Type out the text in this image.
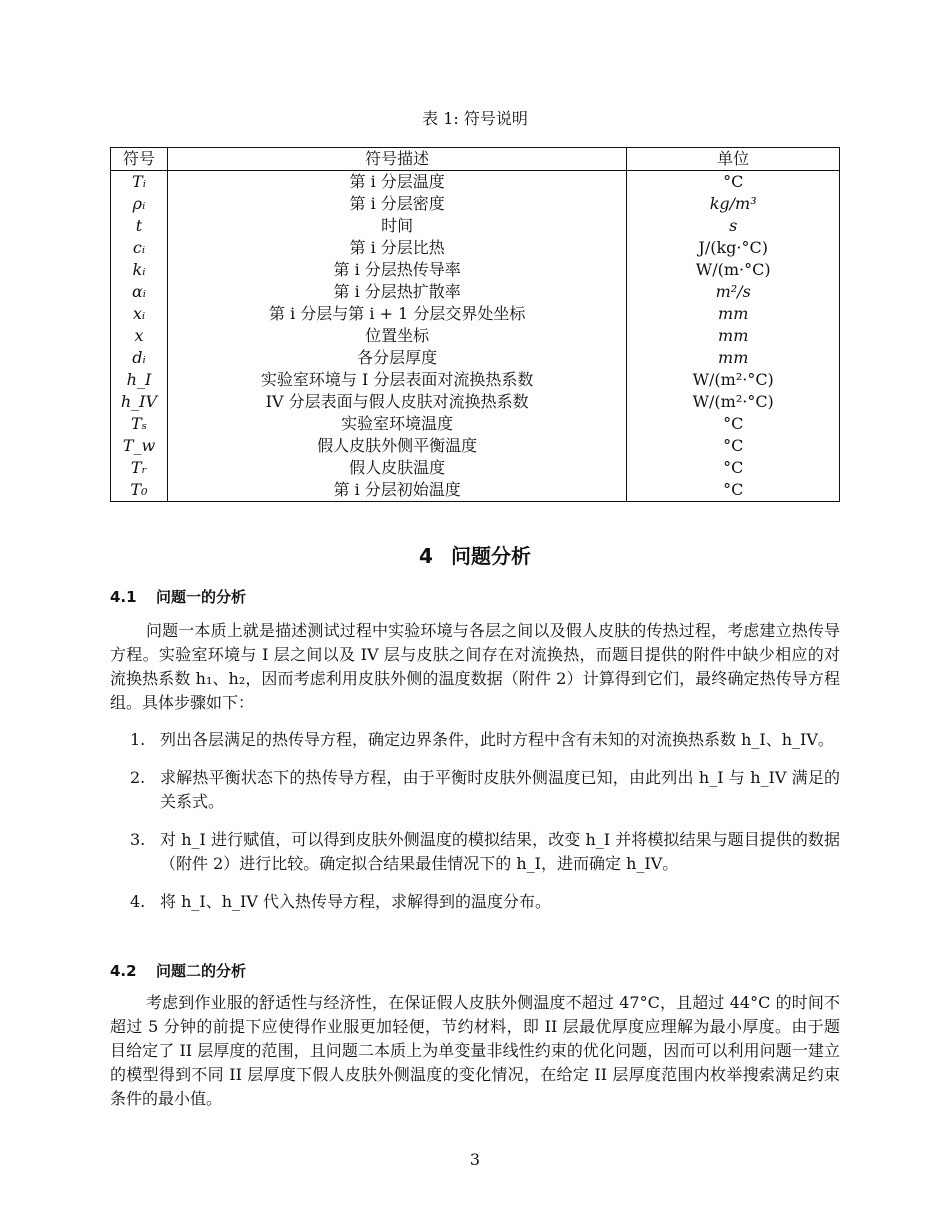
表 1: 符号说明
符号	符号描述	单位
Tᵢ	第 i 分层温度	°C
ρᵢ	第 i 分层密度	kg/m³
t	时间	s
cᵢ	第 i 分层比热	J/(kg·°C)
kᵢ	第 i 分层热传导率	W/(m·°C)
αᵢ	第 i 分层热扩散率	m²/s
xᵢ	第 i 分层与第 i + 1 分层交界处坐标	mm
x	位置坐标	mm
dᵢ	各分层厚度	mm
h_I	实验室环境与 I 分层表面对流换热系数	W/(m²·°C)
h_IV	IV 分层表面与假人皮肤对流换热系数	W/(m²·°C)
Tₛ	实验室环境温度	°C
T_w	假人皮肤外侧平衡温度	°C
Tᵣ	假人皮肤温度	°C
T₀	第 i 分层初始温度	°C
4 问题分析
4.1 问题一的分析
问题一本质上就是描述测试过程中实验环境与各层之间以及假人皮肤的传热过程，考虑建立热传导方程。实验室环境与 I 层之间以及 IV 层与皮肤之间存在对流换热，而题目提供的附件中缺少相应的对流换热系数 h₁、h₂，因而考虑利用皮肤外侧的温度数据（附件 2）计算得到它们，最终确定热传导方程组。具体步骤如下：
1. 列出各层满足的热传导方程，确定边界条件，此时方程中含有未知的对流换热系数 h_I、h_IV。
2. 求解热平衡状态下的热传导方程，由于平衡时皮肤外侧温度已知，由此列出 h_I 与 h_IV 满足的关系式。
3. 对 h_I 进行赋值，可以得到皮肤外侧温度的模拟结果，改变 h_I 并将模拟结果与题目提供的数据（附件 2）进行比较。确定拟合结果最佳情况下的 h_I，进而确定 h_IV。
4. 将 h_I、h_IV 代入热传导方程，求解得到的温度分布。
4.2 问题二的分析
考虑到作业服的舒适性与经济性，在保证假人皮肤外侧温度不超过 47°C，且超过 44°C 的时间不超过 5 分钟的前提下应使得作业服更加轻便，节约材料，即 II 层最优厚度应理解为最小厚度。由于题目给定了 II 层厚度的范围，且问题二本质上为单变量非线性约束的优化问题，因而可以利用问题一建立的模型得到不同 II 层厚度下假人皮肤外侧温度的变化情况，在给定 II 层厚度范围内枚举搜索满足约束条件的最小值。
3
